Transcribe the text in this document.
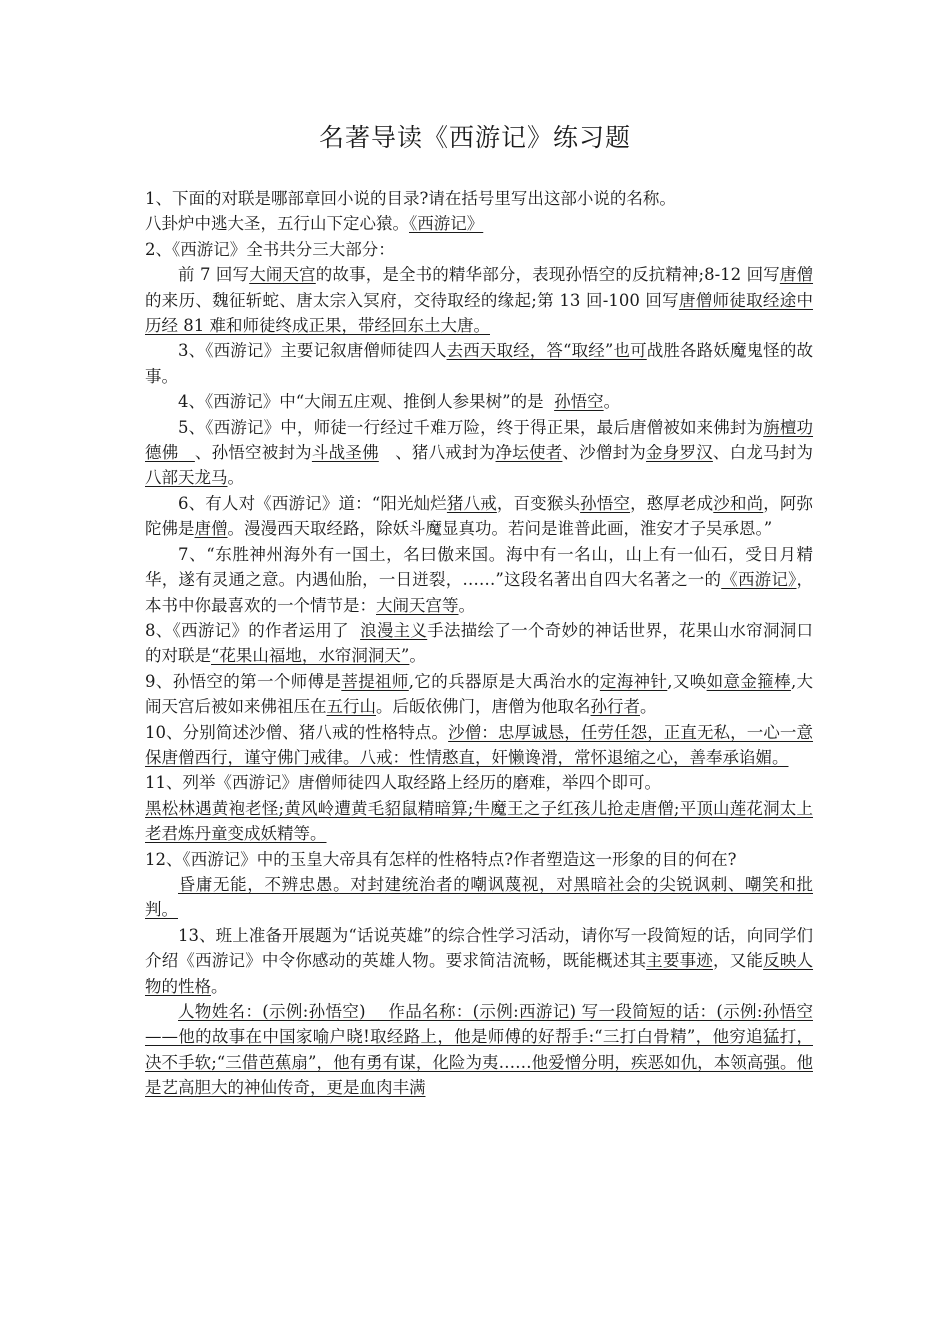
名著导读《西游记》练习题

1、下面的对联是哪部章回小说的目录?请在括号里写出这部小说的名称。
八卦炉中逃大圣，五行山下定心猿。《西游记》

2、《西游记》全书共分三大部分：

前 7 回写大闹天宫的故事，是全书的精华部分，表现孙悟空的反抗精神;8-12 回写唐僧的来历、魏征斩蛇、唐太宗入冥府，交待取经的缘起;第 13 回-100 回写唐僧师徒取经途中历经 81 难和师徒终成正果，带经回东土大唐。

3、《西游记》主要记叙唐僧师徒四人去西天取经，答“取经”也可战胜各路妖魔鬼怪的故事。

4、《西游记》中“大闹五庄观、推倒人参果树”的是 孙悟空。

5、《西游记》中，师徒一行经过千难万险，终于得正果，最后唐僧被如来佛封为旃檀功德佛 、孙悟空被封为斗战圣佛 、猪八戒封为净坛使者、沙僧封为金身罗汉、白龙马封为八部天龙马。

6、有人对《西游记》道：“阳光灿烂猪八戒，百变猴头孙悟空，憨厚老成沙和尚，阿弥陀佛是唐僧。漫漫西天取经路，除妖斗魔显真功。若问是谁普此画，淮安才子吴承恩。”

7、“东胜神州海外有一国土，名曰傲来国。海中有一名山，山上有一仙石，受日月精华，遂有灵通之意。内遇仙胎，一日迸裂，……”这段名著出自四大名著之一的《西游记》，本书中你最喜欢的一个情节是：大闹天宫等。

8、《西游记》的作者运用了 浪漫主义手法描绘了一个奇妙的神话世界，花果山水帘洞洞口的对联是“花果山福地，水帘洞洞天”。

9、孙悟空的第一个师傅是菩提祖师,它的兵器原是大禹治水的定海神针,又唤如意金箍棒,大闹天宫后被如来佛祖压在五行山。后皈依佛门，唐僧为他取名孙行者。

10、分别简述沙僧、猪八戒的性格特点。沙僧：忠厚诚恳，任劳任怨，正直无私，一心一意保唐僧西行，谨守佛门戒律。八戒：性情憨直，奸懒谗滑，常怀退缩之心，善奉承谄媚。

11、列举《西游记》唐僧师徒四人取经路上经历的磨难，举四个即可。
黑松林遇黄袍老怪;黄风岭遭黄毛貂鼠精暗算;牛魔王之子红孩儿抢走唐僧;平顶山莲花洞太上老君炼丹童变成妖精等。

12、《西游记》中的玉皇大帝具有怎样的性格特点?作者塑造这一形象的目的何在?
昏庸无能，不辨忠愚。对封建统治者的嘲讽蔑视，对黑暗社会的尖锐讽刺、嘲笑和批判。

13、班上准备开展题为“话说英雄”的综合性学习活动，请你写一段简短的话，向同学们介绍《西游记》中令你感动的英雄人物。要求简洁流畅，既能概述其主要事迹，又能反映人物的性格。

人物姓名：(示例:孙悟空)　 作品名称：(示例:西游记) 写一段简短的话：(示例:孙悟空——他的故事在中国家喻户晓!取经路上，他是师傅的好帮手:“三打白骨精”，他穷追猛打，决不手软;“三借芭蕉扇”，他有勇有谋，化险为夷……他爱憎分明，疾恶如仇，本领高强。他是艺高胆大的神仙传奇，更是血肉丰满
